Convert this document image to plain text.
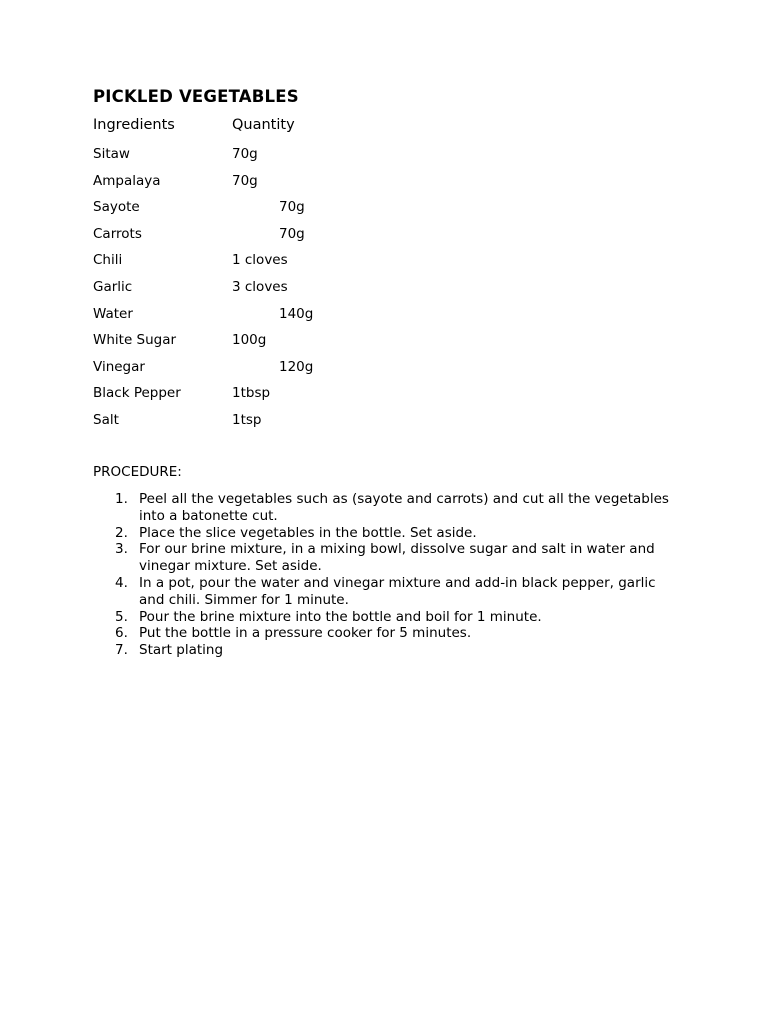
PICKLED VEGETABLES
Ingredients	Quantity
Sitaw	70g
Ampalaya	70g
Sayote	70g
Carrots	70g
Chili	1 cloves
Garlic	3 cloves
Water	140g
White Sugar	100g
Vinegar	120g
Black Pepper	1tbsp
Salt	1tsp
PROCEDURE:
1. Peel all the vegetables such as (sayote and carrots) and cut all the vegetables into a batonette cut.
2. Place the slice vegetables in the bottle. Set aside.
3. For our brine mixture, in a mixing bowl, dissolve sugar and salt in water and vinegar mixture. Set aside.
4. In a pot, pour the water and vinegar mixture and add-in black pepper, garlic and chili. Simmer for 1 minute.
5. Pour the brine mixture into the bottle and boil for 1 minute.
6. Put the bottle in a pressure cooker for 5 minutes.
7. Start plating
